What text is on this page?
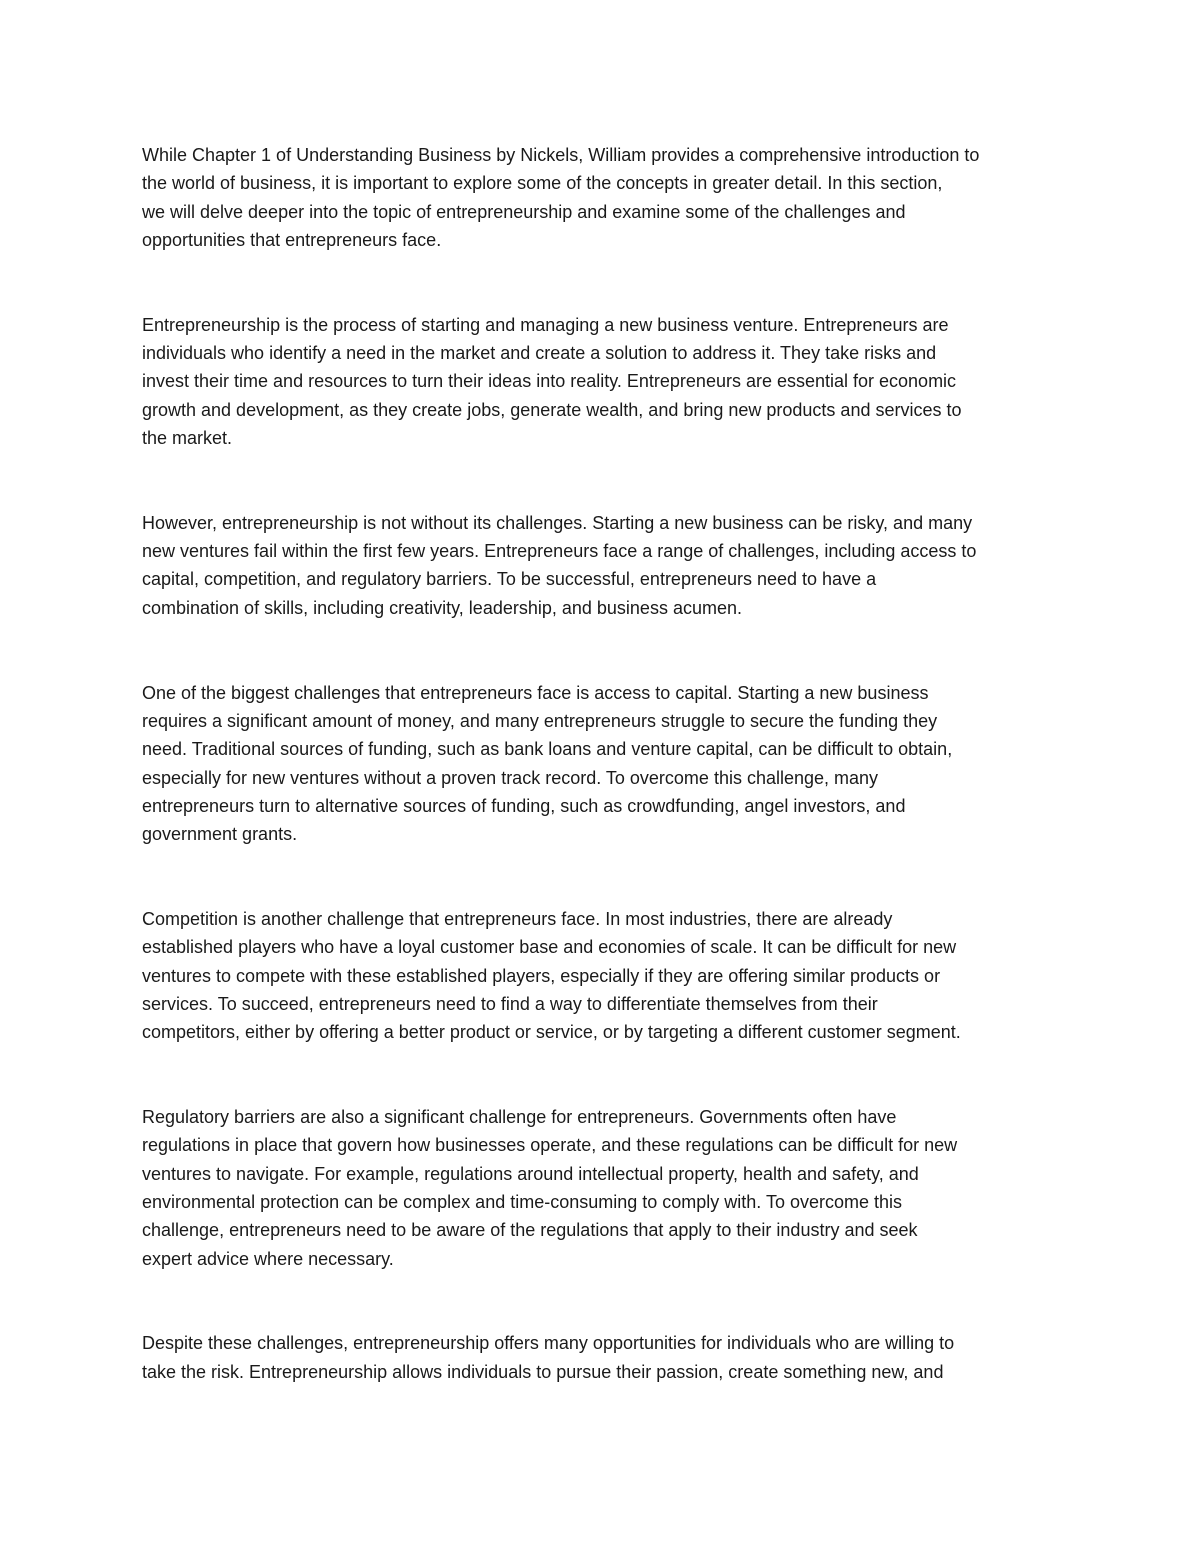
While Chapter 1 of Understanding Business by Nickels, William provides a comprehensive introduction to
the world of business, it is important to explore some of the concepts in greater detail. In this section,
we will delve deeper into the topic of entrepreneurship and examine some of the challenges and
opportunities that entrepreneurs face.

Entrepreneurship is the process of starting and managing a new business venture. Entrepreneurs are
individuals who identify a need in the market and create a solution to address it. They take risks and
invest their time and resources to turn their ideas into reality. Entrepreneurs are essential for economic
growth and development, as they create jobs, generate wealth, and bring new products and services to
the market.

However, entrepreneurship is not without its challenges. Starting a new business can be risky, and many
new ventures fail within the first few years. Entrepreneurs face a range of challenges, including access to
capital, competition, and regulatory barriers. To be successful, entrepreneurs need to have a
combination of skills, including creativity, leadership, and business acumen.

One of the biggest challenges that entrepreneurs face is access to capital. Starting a new business
requires a significant amount of money, and many entrepreneurs struggle to secure the funding they
need. Traditional sources of funding, such as bank loans and venture capital, can be difficult to obtain,
especially for new ventures without a proven track record. To overcome this challenge, many
entrepreneurs turn to alternative sources of funding, such as crowdfunding, angel investors, and
government grants.

Competition is another challenge that entrepreneurs face. In most industries, there are already
established players who have a loyal customer base and economies of scale. It can be difficult for new
ventures to compete with these established players, especially if they are offering similar products or
services. To succeed, entrepreneurs need to find a way to differentiate themselves from their
competitors, either by offering a better product or service, or by targeting a different customer segment.

Regulatory barriers are also a significant challenge for entrepreneurs. Governments often have
regulations in place that govern how businesses operate, and these regulations can be difficult for new
ventures to navigate. For example, regulations around intellectual property, health and safety, and
environmental protection can be complex and time-consuming to comply with. To overcome this
challenge, entrepreneurs need to be aware of the regulations that apply to their industry and seek
expert advice where necessary.

Despite these challenges, entrepreneurship offers many opportunities for individuals who are willing to
take the risk. Entrepreneurship allows individuals to pursue their passion, create something new, and
